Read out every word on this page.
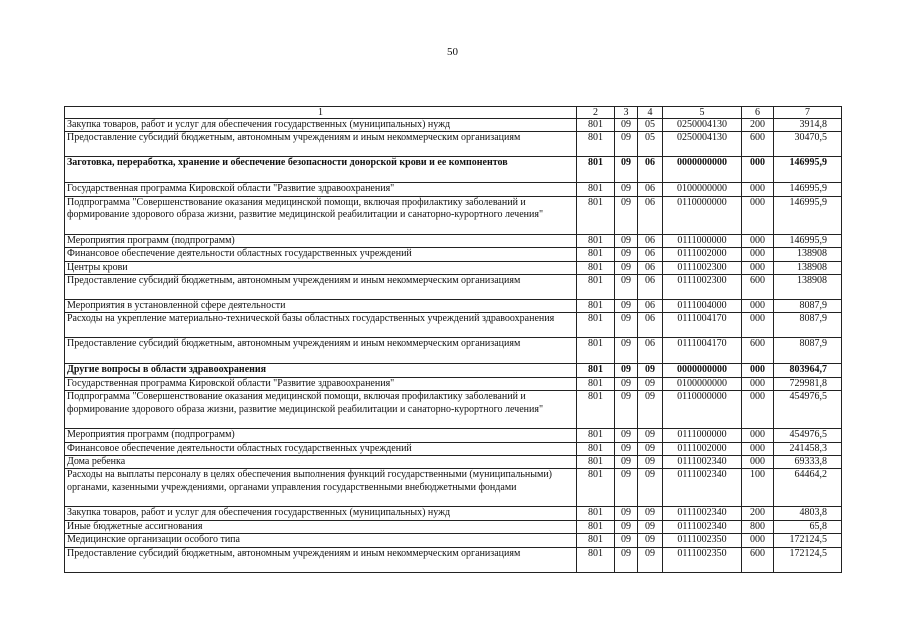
50
1	2	3	4	5	6	7
Закупка товаров, работ и услуг для обеспечения государственных (муниципальных) нужд	801	09	05	0250004130	200	3914,8
Предоставление субсидий бюджетным, автономным учреждениям и иным некоммерческим организациям	801	09	05	0250004130	600	30470,5
Заготовка, переработка, хранение и обеспечение безопасности донорской крови и ее компонентов	801	09	06	0000000000	000	146995,9
Государственная программа Кировской области "Развитие здравоохранения"	801	09	06	0100000000	000	146995,9
Подпрограмма "Совершенствование оказания медицинской помощи, включая профилактику заболеваний и формирование здорового образа жизни, развитие медицинской реабилитации и санаторно-курортного лечения"	801	09	06	0110000000	000	146995,9
Мероприятия программ (подпрограмм)	801	09	06	0111000000	000	146995,9
Финансовое обеспечение деятельности областных государственных учреждений	801	09	06	0111002000	000	138908
Центры крови	801	09	06	0111002300	000	138908
Предоставление субсидий бюджетным, автономным учреждениям и иным некоммерческим организациям	801	09	06	0111002300	600	138908
Мероприятия в установленной сфере деятельности	801	09	06	0111004000	000	8087,9
Расходы на укрепление материально-технической базы областных государственных учреждений здравоохранения	801	09	06	0111004170	000	8087,9
Предоставление субсидий бюджетным, автономным учреждениям и иным некоммерческим организациям	801	09	06	0111004170	600	8087,9
Другие вопросы в области здравоохранения	801	09	09	0000000000	000	803964,7
Государственная программа Кировской области "Развитие здравоохранения"	801	09	09	0100000000	000	729981,8
Подпрограмма "Совершенствование оказания медицинской помощи, включая профилактику заболеваний и формирование здорового образа жизни, развитие медицинской реабилитации и санаторно-курортного лечения"	801	09	09	0110000000	000	454976,5
Мероприятия программ (подпрограмм)	801	09	09	0111000000	000	454976,5
Финансовое обеспечение деятельности областных государственных учреждений	801	09	09	0111002000	000	241458,3
Дома ребенка	801	09	09	0111002340	000	69333,8
Расходы на выплаты персоналу в целях обеспечения выполнения функций государственными (муниципальными) органами, казенными учреждениями, органами управления государственными внебюджетными фондами	801	09	09	0111002340	100	64464,2
Закупка товаров, работ и услуг для обеспечения государственных (муниципальных) нужд	801	09	09	0111002340	200	4803,8
Иные бюджетные ассигнования	801	09	09	0111002340	800	65,8
Медицинские организации особого типа	801	09	09	0111002350	000	172124,5
Предоставление субсидий бюджетным, автономным учреждениям и иным некоммерческим организациям	801	09	09	0111002350	600	172124,5
